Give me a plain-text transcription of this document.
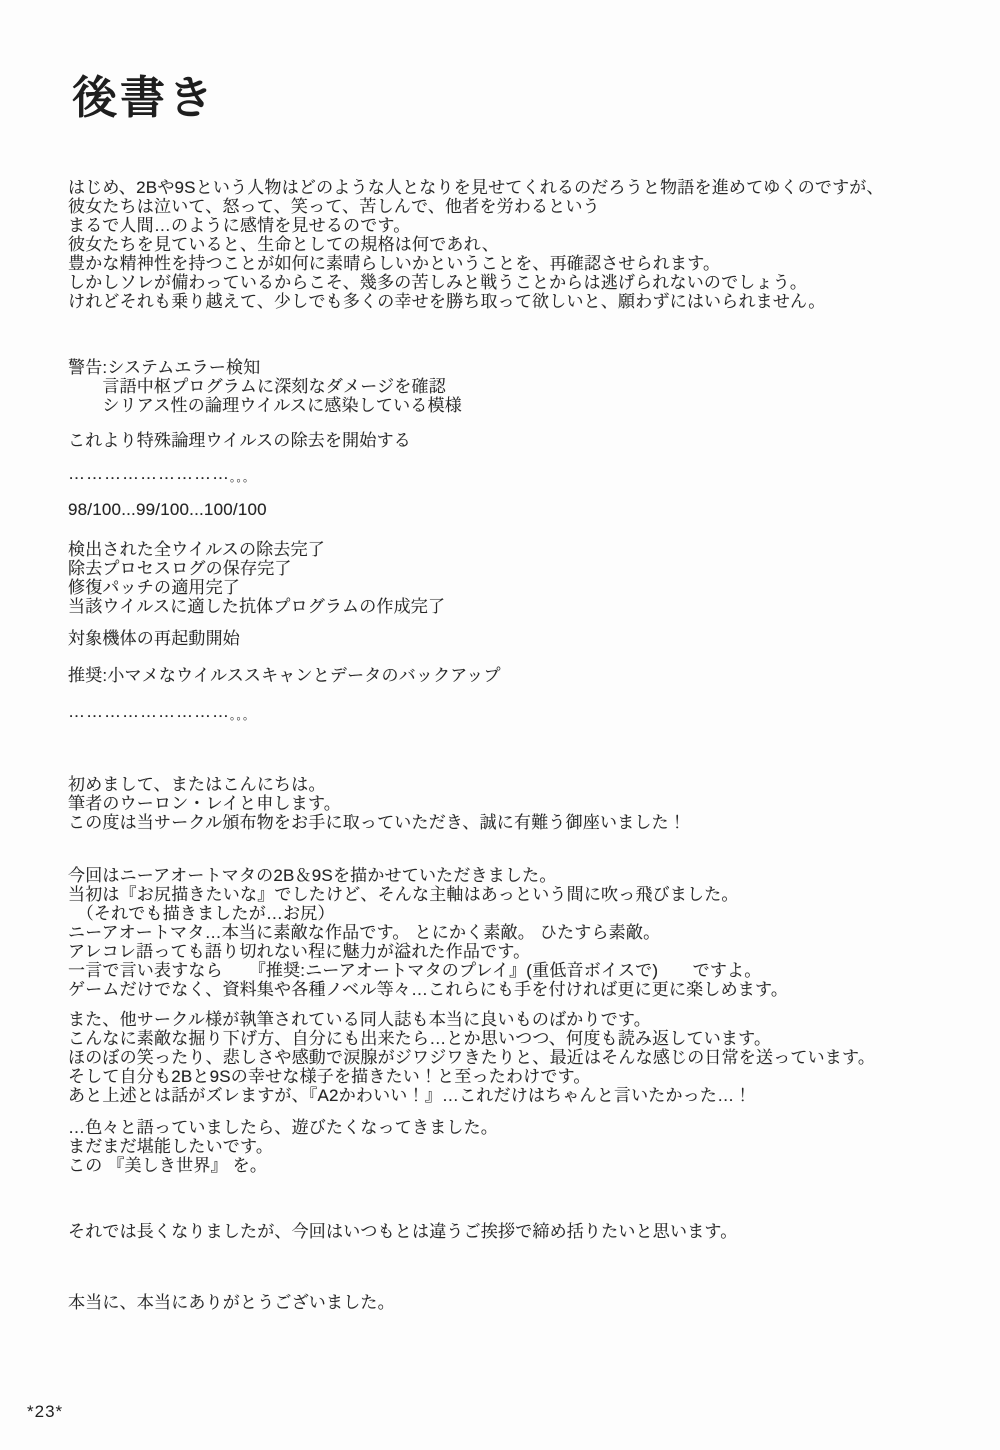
後書き
はじめ、2Bや9Sという人物はどのような人となりを見せてくれるのだろうと物語を進めてゆくのですが、
彼女たちは泣いて、怒って、笑って、苦しんで、他者を労わるという
まるで人間…のように感情を見せるのです。
彼女たちを見ていると、生命としての規格は何であれ、
豊かな精神性を持つことが如何に素晴らしいかということを、再確認させられます。
しかしソレが備わっているからこそ、幾多の苦しみと戦うことからは逃げられないのでしょう。
けれどそれも乗り越えて、少しでも多くの幸せを勝ち取って欲しいと、願わずにはいられません。
警告:システムエラー検知
　　言語中枢プログラムに深刻なダメージを確認
　　シリアス性の論理ウイルスに感染している模様
これより特殊論理ウイルスの除去を開始する
………………………。。。
98/100...99/100...100/100
検出された全ウイルスの除去完了
除去プロセスログの保存完了
修復パッチの適用完了
当該ウイルスに適した抗体プログラムの作成完了
対象機体の再起動開始
推奨:小マメなウイルススキャンとデータのバックアップ
………………………。。。
初めまして、またはこんにちは。
筆者のウーロン・レイと申します。
この度は当サークル頒布物をお手に取っていただき、誠に有難う御座いました！
今回はニーアオートマタの2B＆9Sを描かせていただきました。
当初は『お尻描きたいな』でしたけど、そんな主軸はあっという間に吹っ飛びました。
　（それでも描きましたが…お尻）
ニーアオートマタ…本当に素敵な作品です。 とにかく素敵。 ひたすら素敵。
アレコレ語っても語り切れない程に魅力が溢れた作品です。
一言で言い表すなら　　『推奨:ニーアオートマタのプレイ』(重低音ボイスで)　　ですよ。
ゲームだけでなく、資料集や各種ノベル等々…これらにも手を付ければ更に更に楽しめます。
また、他サークル様が執筆されている同人誌も本当に良いものばかりです。
こんなに素敵な掘り下げ方、自分にも出来たら…とか思いつつ、何度も読み返しています。
ほのぼの笑ったり、悲しさや感動で涙腺がジワジワきたりと、最近はそんな感じの日常を送っています。
そして自分も2Bと9Sの幸せな様子を描きたい！と至ったわけです。
あと上述とは話がズレますが、『A2かわいい！』…これだけはちゃんと言いたかった…！
…色々と語っていましたら、遊びたくなってきました。
まだまだ堪能したいです。
この 『美しき世界』 を。
それでは長くなりましたが、今回はいつもとは違うご挨拶で締め括りたいと思います。
本当に、本当にありがとうございました。
*23*
